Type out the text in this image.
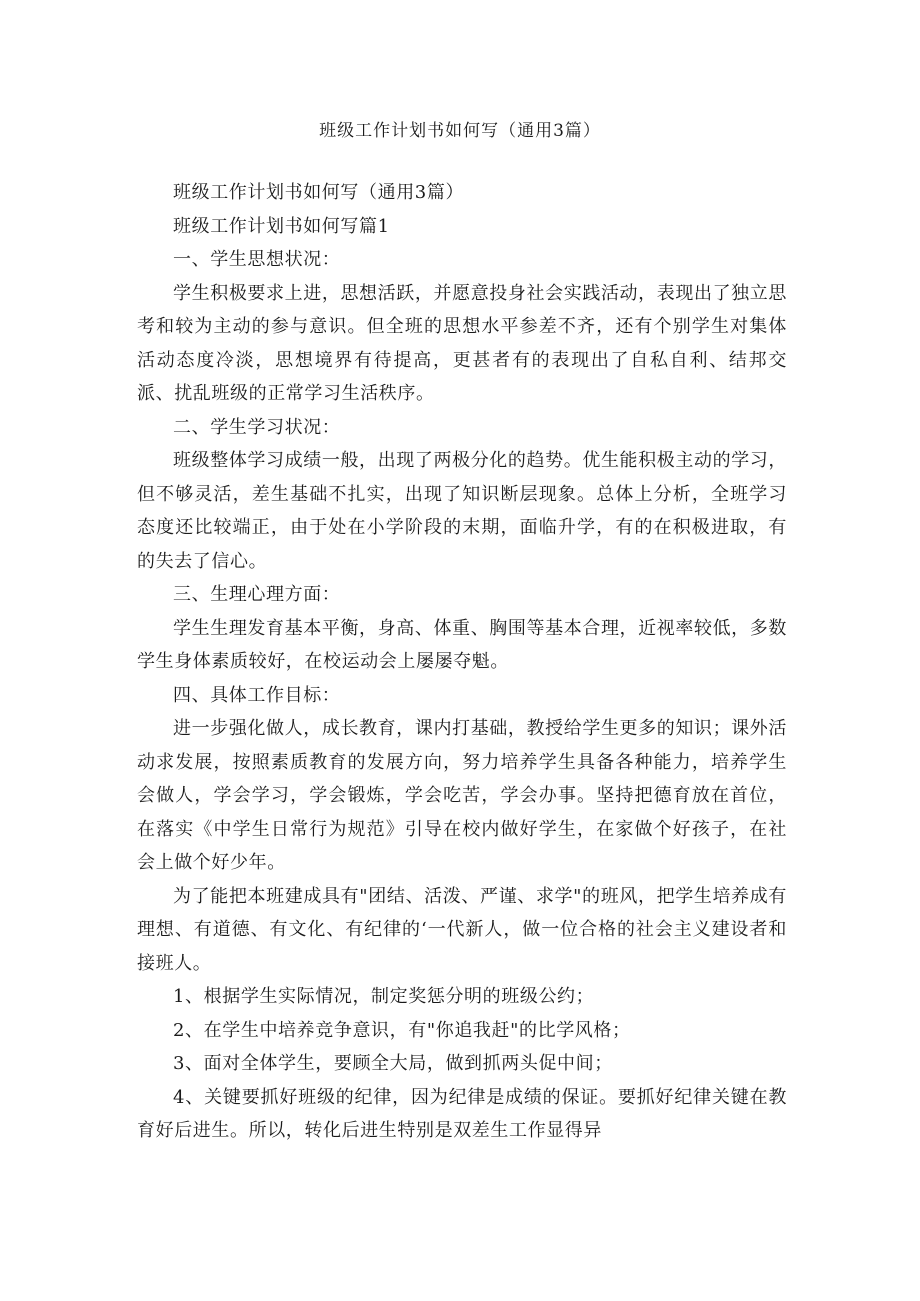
班级工作计划书如何写（通用3篇）

班级工作计划书如何写（通用3篇）

班级工作计划书如何写篇1

一、学生思想状况：

学生积极要求上进，思想活跃，并愿意投身社会实践活动，表现出了独立思考和较为主动的参与意识。但全班的思想水平参差不齐，还有个别学生对集体活动态度冷淡，思想境界有待提高，更甚者有的表现出了自私自利、结邦交派、扰乱班级的正常学习生活秩序。

二、学生学习状况：

班级整体学习成绩一般，出现了两极分化的趋势。优生能积极主动的学习，但不够灵活，差生基础不扎实，出现了知识断层现象。总体上分析，全班学习态度还比较端正，由于处在小学阶段的末期，面临升学，有的在积极进取，有的失去了信心。

三、生理心理方面：

学生生理发育基本平衡，身高、体重、胸围等基本合理，近视率较低，多数学生身体素质较好，在校运动会上屡屡夺魁。

四、具体工作目标：

进一步强化做人，成长教育，课内打基础，教授给学生更多的知识；课外活动求发展，按照素质教育的发展方向，努力培养学生具备各种能力，培养学生会做人，学会学习，学会锻炼，学会吃苦，学会办事。坚持把德育放在首位，在落实《中学生日常行为规范》引导在校内做好学生，在家做个好孩子，在社会上做个好少年。

为了能把本班建成具有"团结、活泼、严谨、求学"的班风，把学生培养成有理想、有道德、有文化、有纪律的‘一代新人，做一位合格的社会主义建设者和接班人。

1、根据学生实际情况，制定奖惩分明的班级公约；

2、在学生中培养竞争意识，有"你追我赶"的比学风格；

3、面对全体学生，要顾全大局，做到抓两头促中间；

4、关键要抓好班级的纪律，因为纪律是成绩的保证。要抓好纪律关键在教育好后进生。所以，转化后进生特别是双差生工作显得异
